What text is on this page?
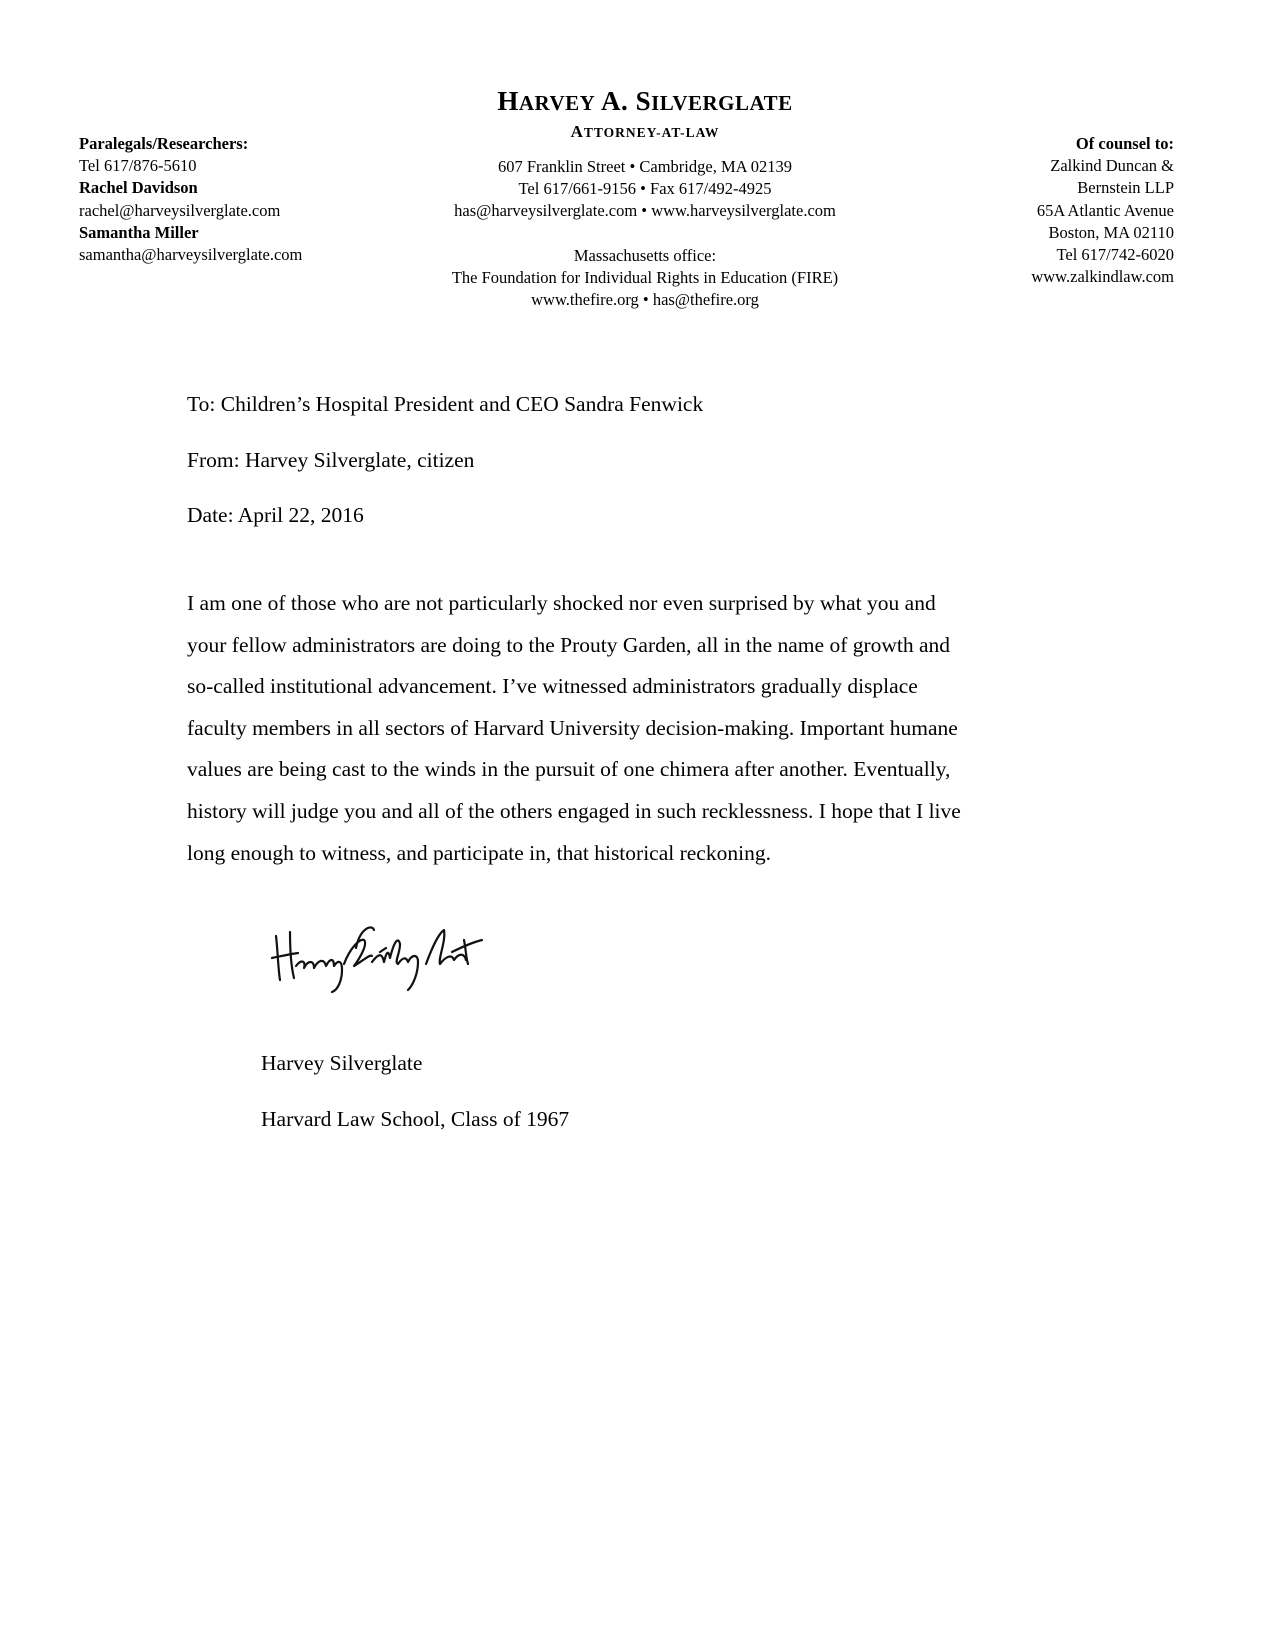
Paralegals/Researchers:
Tel 617/876-5610
Rachel Davidson
rachel@harveysilverglate.com
Samantha Miller
samantha@harveysilverglate.com
HARVEY A. SILVERGLATE
ATTORNEY-AT-LAW
607 Franklin Street • Cambridge, MA 02139
Tel 617/661-9156 • Fax 617/492-4925
has@harveysilverglate.com • www.harveysilverglate.com
Massachusetts office:
The Foundation for Individual Rights in Education (FIRE)
www.thefire.org • has@thefire.org
Of counsel to:
Zalkind Duncan &
Bernstein LLP
65A Atlantic Avenue
Boston, MA 02110
Tel 617/742-6020
www.zalkindlaw.com
To: Children’s Hospital President and CEO Sandra Fenwick
From: Harvey Silverglate, citizen
Date: April 22, 2016
I am one of those who are not particularly shocked nor even surprised by what you and
your fellow administrators are doing to the Prouty Garden, all in the name of growth and
so-called institutional advancement. I’ve witnessed administrators gradually displace
faculty members in all sectors of Harvard University decision-making. Important humane
values are being cast to the winds in the pursuit of one chimera after another. Eventually,
history will judge you and all of the others engaged in such recklessness. I hope that I live
long enough to witness, and participate in, that historical reckoning.
Harvey Silverglate
Harvard Law School, Class of 1967
